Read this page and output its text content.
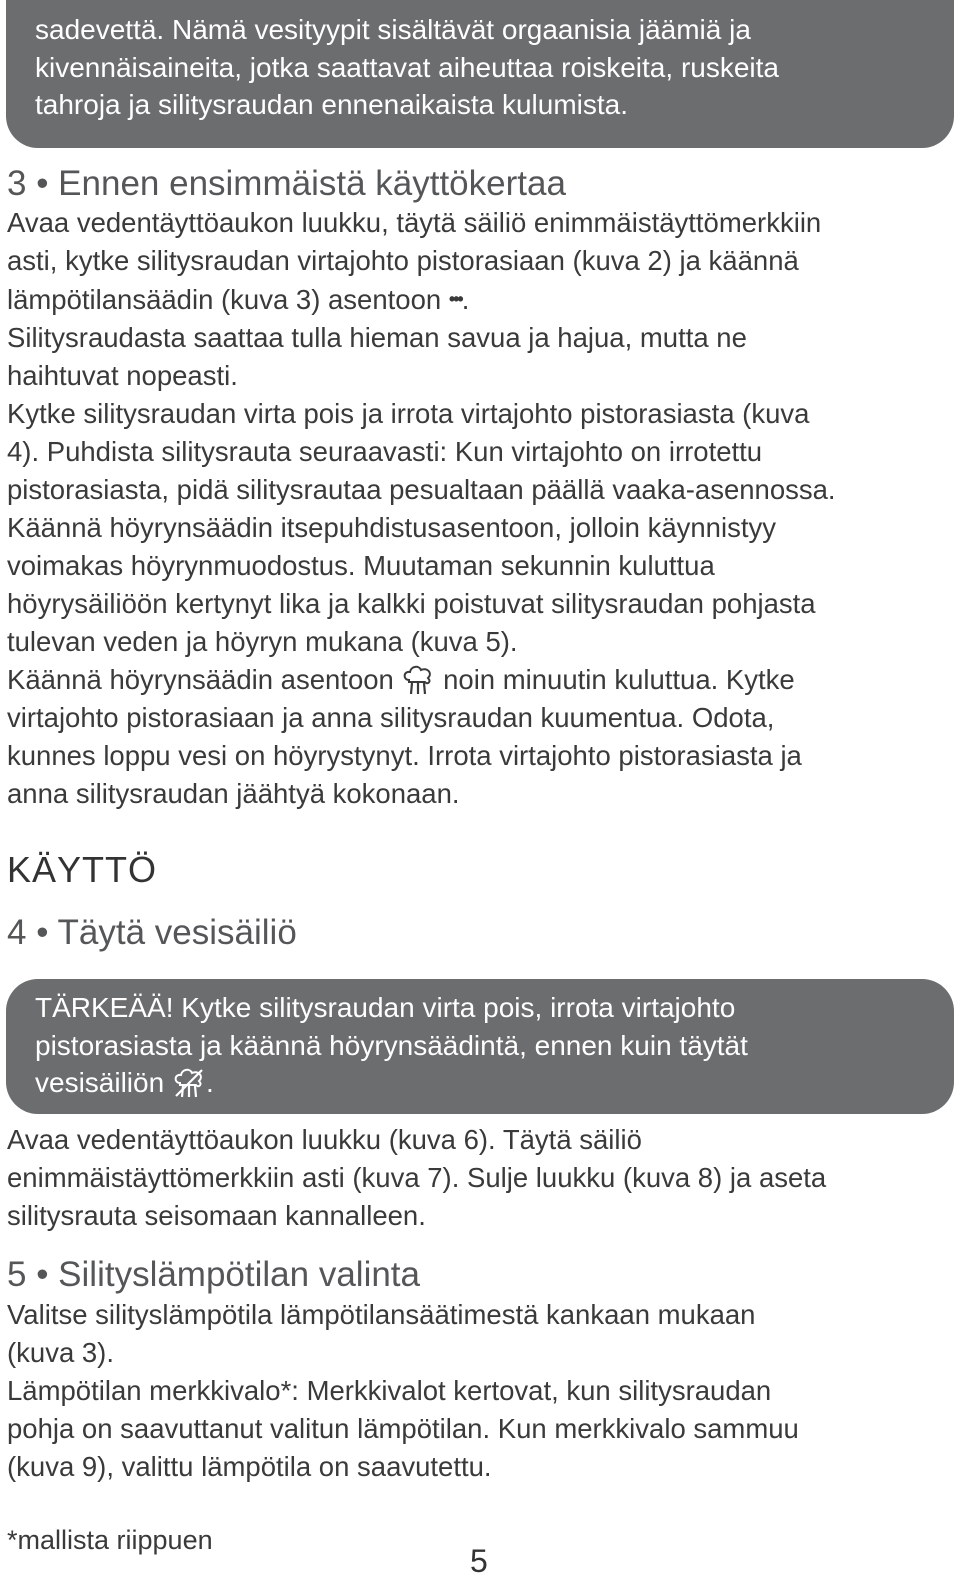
sadevettä. Nämä vesityypit sisältävät orgaanisia jäämiä ja

kivennäisaineita, jotka saattavat aiheuttaa roiskeita, ruskeita

tahroja ja silitysraudan ennenaikaista kulumista.

3 • Ennen ensimmäistä käyttökertaa

Avaa vedentäyttöaukon luukku, täytä säiliö enimmäistäyttömerkkiin

asti, kytke silitysraudan virtajohto pistorasiaan (kuva 2) ja käännä

lämpötilansäädin (kuva 3) asentoon •••.

Silitysraudasta saattaa tulla hieman savua ja hajua, mutta ne

haihtuvat nopeasti.

Kytke silitysraudan virta pois ja irrota virtajohto pistorasiasta (kuva

4). Puhdista silitysrauta seuraavasti: Kun virtajohto on irrotettu

pistorasiasta, pidä silitysrautaa pesualtaan päällä vaaka-asennossa.

Käännä höyrynsäädin itsepuhdistusasentoon, jolloin käynnistyy

voimakas höyrynmuodostus. Muutaman sekunnin kuluttua

höyrysäiliöön kertynyt lika ja kalkki poistuvat silitysraudan pohjasta

tulevan veden ja höyryn mukana (kuva 5).

Käännä höyrynsäädin asentoon  noin minuutin kuluttua. Kytke

virtajohto pistorasiaan ja anna silitysraudan kuumentua. Odota,

kunnes loppu vesi on höyrystynyt. Irrota virtajohto pistorasiasta ja

anna silitysraudan jäähtyä kokonaan.

KÄYTTÖ
4 • Täytä vesisäiliö

TÄRKEÄÄ! Kytke silitysraudan virta pois, irrota virtajohto

pistorasiasta ja käännä höyrynsäädintä, ennen kuin täytät

vesisäiliön .

Avaa vedentäyttöaukon luukku (kuva 6). Täytä säiliö

enimmäistäyttömerkkiin asti (kuva 7). Sulje luukku (kuva 8) ja aseta

silitysrauta seisomaan kannalleen.

5 • Silityslämpötilan valinta

Valitse silityslämpötila lämpötilansäätimestä kankaan mukaan

(kuva 3).

Lämpötilan merkkivalo*: Merkkivalot kertovat, kun silitysraudan

pohja on saavuttanut valitun lämpötilan. Kun merkkivalo sammuu

(kuva 9), valittu lämpötila on saavutettu.

*mallista riippuen
5
